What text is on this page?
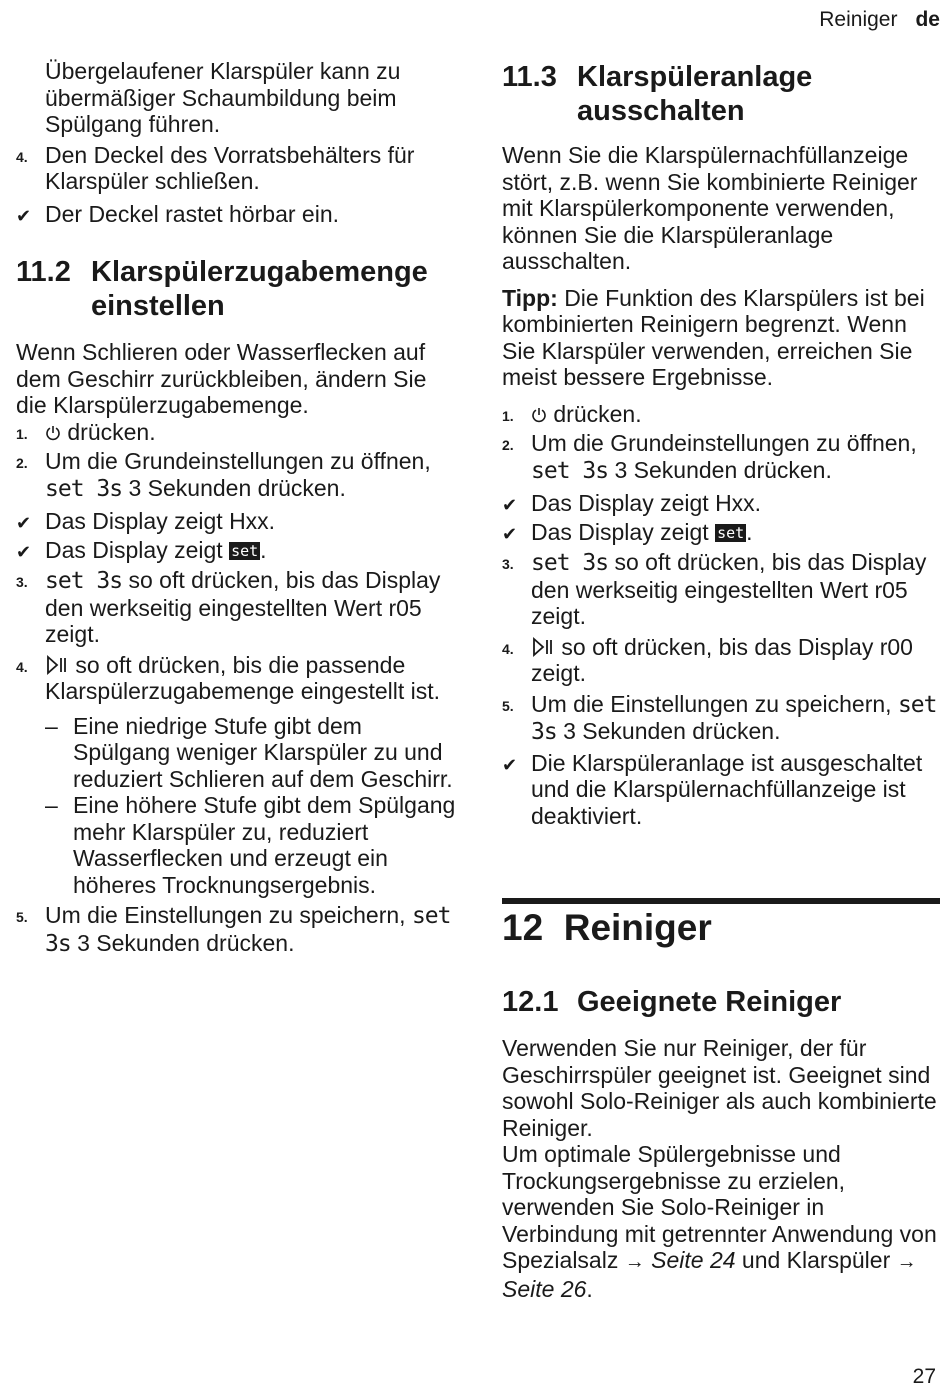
Reiniger de
Übergelaufener Klarspüler kann zu übermäßiger Schaumbildung beim Spülgang führen.
4. Den Deckel des Vorratsbehälters für Klarspüler schließen.
✔ Der Deckel rastet hörbar ein.
11.2 Klarspülerzugabemenge einstellen

Wenn Schlieren oder Wasserflecken auf dem Geschirr zurückbleiben, ändern Sie die Klarspülerzugabemenge.

1. drücken.
2. Um die Grundeinstellungen zu öffnen, set 3s 3 Sekunden drücken.
✔ Das Display zeigt Hxx.
✔ Das Display zeigt set.
3. set 3s so oft drücken, bis das Display den werkseitig eingestellten Wert r05 zeigt.
4. so oft drücken, bis die passende Klarspülerzugabemenge eingestellt ist.
– Eine niedrige Stufe gibt dem Spülgang weniger Klarspüler zu und reduziert Schlieren auf dem Geschirr.
– Eine höhere Stufe gibt dem Spülgang mehr Klarspüler zu, reduziert Wasserflecken und erzeugt ein höheres Trocknungsergebnis.
5. Um die Einstellungen zu speichern, set 3s 3 Sekunden drücken.
11.3 Klarspüleranlage ausschalten

Wenn Sie die Klarspülernachfüllanzeige stört, z.B. wenn Sie kombinierte Reiniger mit Klarspülerkomponente verwenden, können Sie die Klarspüleranlage ausschalten.

Tipp: Die Funktion des Klarspülers ist bei kombinierten Reinigern begrenzt. Wenn Sie Klarspüler verwenden, erreichen Sie meist bessere Ergebnisse.

1. drücken.
2. Um die Grundeinstellungen zu öffnen, set 3s 3 Sekunden drücken.
✔ Das Display zeigt Hxx.
✔ Das Display zeigt set.
3. set 3s so oft drücken, bis das Display den werkseitig eingestellten Wert r05 zeigt.
4. so oft drücken, bis das Display r00 zeigt.
5. Um die Einstellungen zu speichern, set 3s 3 Sekunden drücken.
✔ Die Klarspüleranlage ist ausgeschaltet und die Klarspülernachfüllanzeige ist deaktiviert.
12 Reiniger
12.1 Geeignete Reiniger

Verwenden Sie nur Reiniger, der für Geschirrspüler geeignet ist. Geeignet sind sowohl Solo-Reiniger als auch kombinierte Reiniger.

Um optimale Spülergebnisse und Trockungsergebnisse zu erzielen, verwenden Sie Solo-Reiniger in Verbindung mit getrennter Anwendung von Spezialsalz → Seite 24 und Klarspüler → Seite 26.

27
